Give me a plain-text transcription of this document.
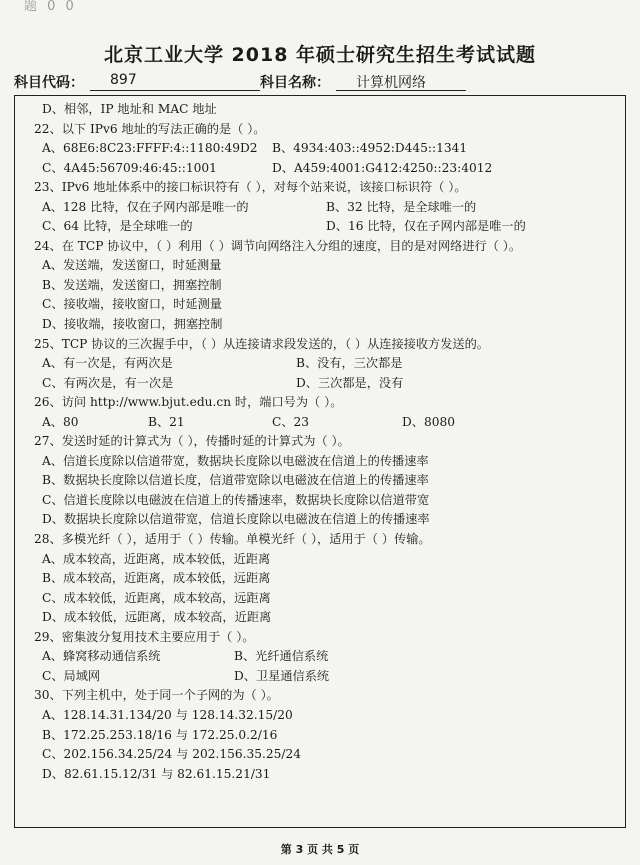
题 0 0
北京工业大学 2018 年硕士研究生招生考试试题
科目代码：	897	科目名称：	计算机网络
D、相邻，IP 地址和 MAC 地址
22、以下 IPv6 地址的写法正确的是（ ）。
A、68E6:8C23:FFFF:4::1180:49D2 B、4934:403::4952:D445::1341
C、4A45:56709:46:45::1001	D、A459:4001:G412:4250::23:4012
23、IPv6 地址体系中的接口标识符有（ ），对每个站来说，该接口标识符（ ）。
A、128 比特，仅在子网内部是唯一的	B、32 比特，是全球唯一的
C、64 比特，是全球唯一的	D、16 比特，仅在子网内部是唯一的
24、在 TCP 协议中，（ ）利用（ ）调节向网络注入分组的速度，目的是对网络进行（ ）。
A、发送端，发送窗口，时延测量
B、发送端，发送窗口，拥塞控制
C、接收端，接收窗口，时延测量
D、接收端，接收窗口，拥塞控制
25、TCP 协议的三次握手中，（ ）从连接请求段发送的，（ ）从连接接收方发送的。
A、有一次是，有两次是	B、没有，三次都是
C、有两次是，有一次是	D、三次都是，没有
26、访问 http://www.bjut.edu.cn 时，端口号为（ ）。
A、80	B、21	C、23	D、8080
27、发送时延的计算式为（ ），传播时延的计算式为（ ）。
A、信道长度除以信道带宽，数据块长度除以电磁波在信道上的传播速率
B、数据块长度除以信道长度，信道带宽除以电磁波在信道上的传播速率
C、信道长度除以电磁波在信道上的传播速率，数据块长度除以信道带宽
D、数据块长度除以信道带宽，信道长度除以电磁波在信道上的传播速率
28、多模光纤（ ），适用于（ ）传输。单模光纤（ ），适用于（ ）传输。
A、成本较高，近距离，成本较低，近距离
B、成本较高，近距离，成本较低，远距离
C、成本较低，近距离，成本较高，远距离
D、成本较低，远距离，成本较高，近距离
29、密集波分复用技术主要应用于（ ）。
A、蜂窝移动通信系统	B、光纤通信系统
C、局域网	D、卫星通信系统
30、下列主机中，处于同一个子网的为（ ）。
A、128.14.31.134/20 与 128.14.32.15/20
B、172.25.253.18/16 与 172.25.0.2/16
C、202.156.34.25/24 与 202.156.35.25/24
D、82.61.15.12/31 与 82.61.15.21/31
第 3 页 共 5 页
